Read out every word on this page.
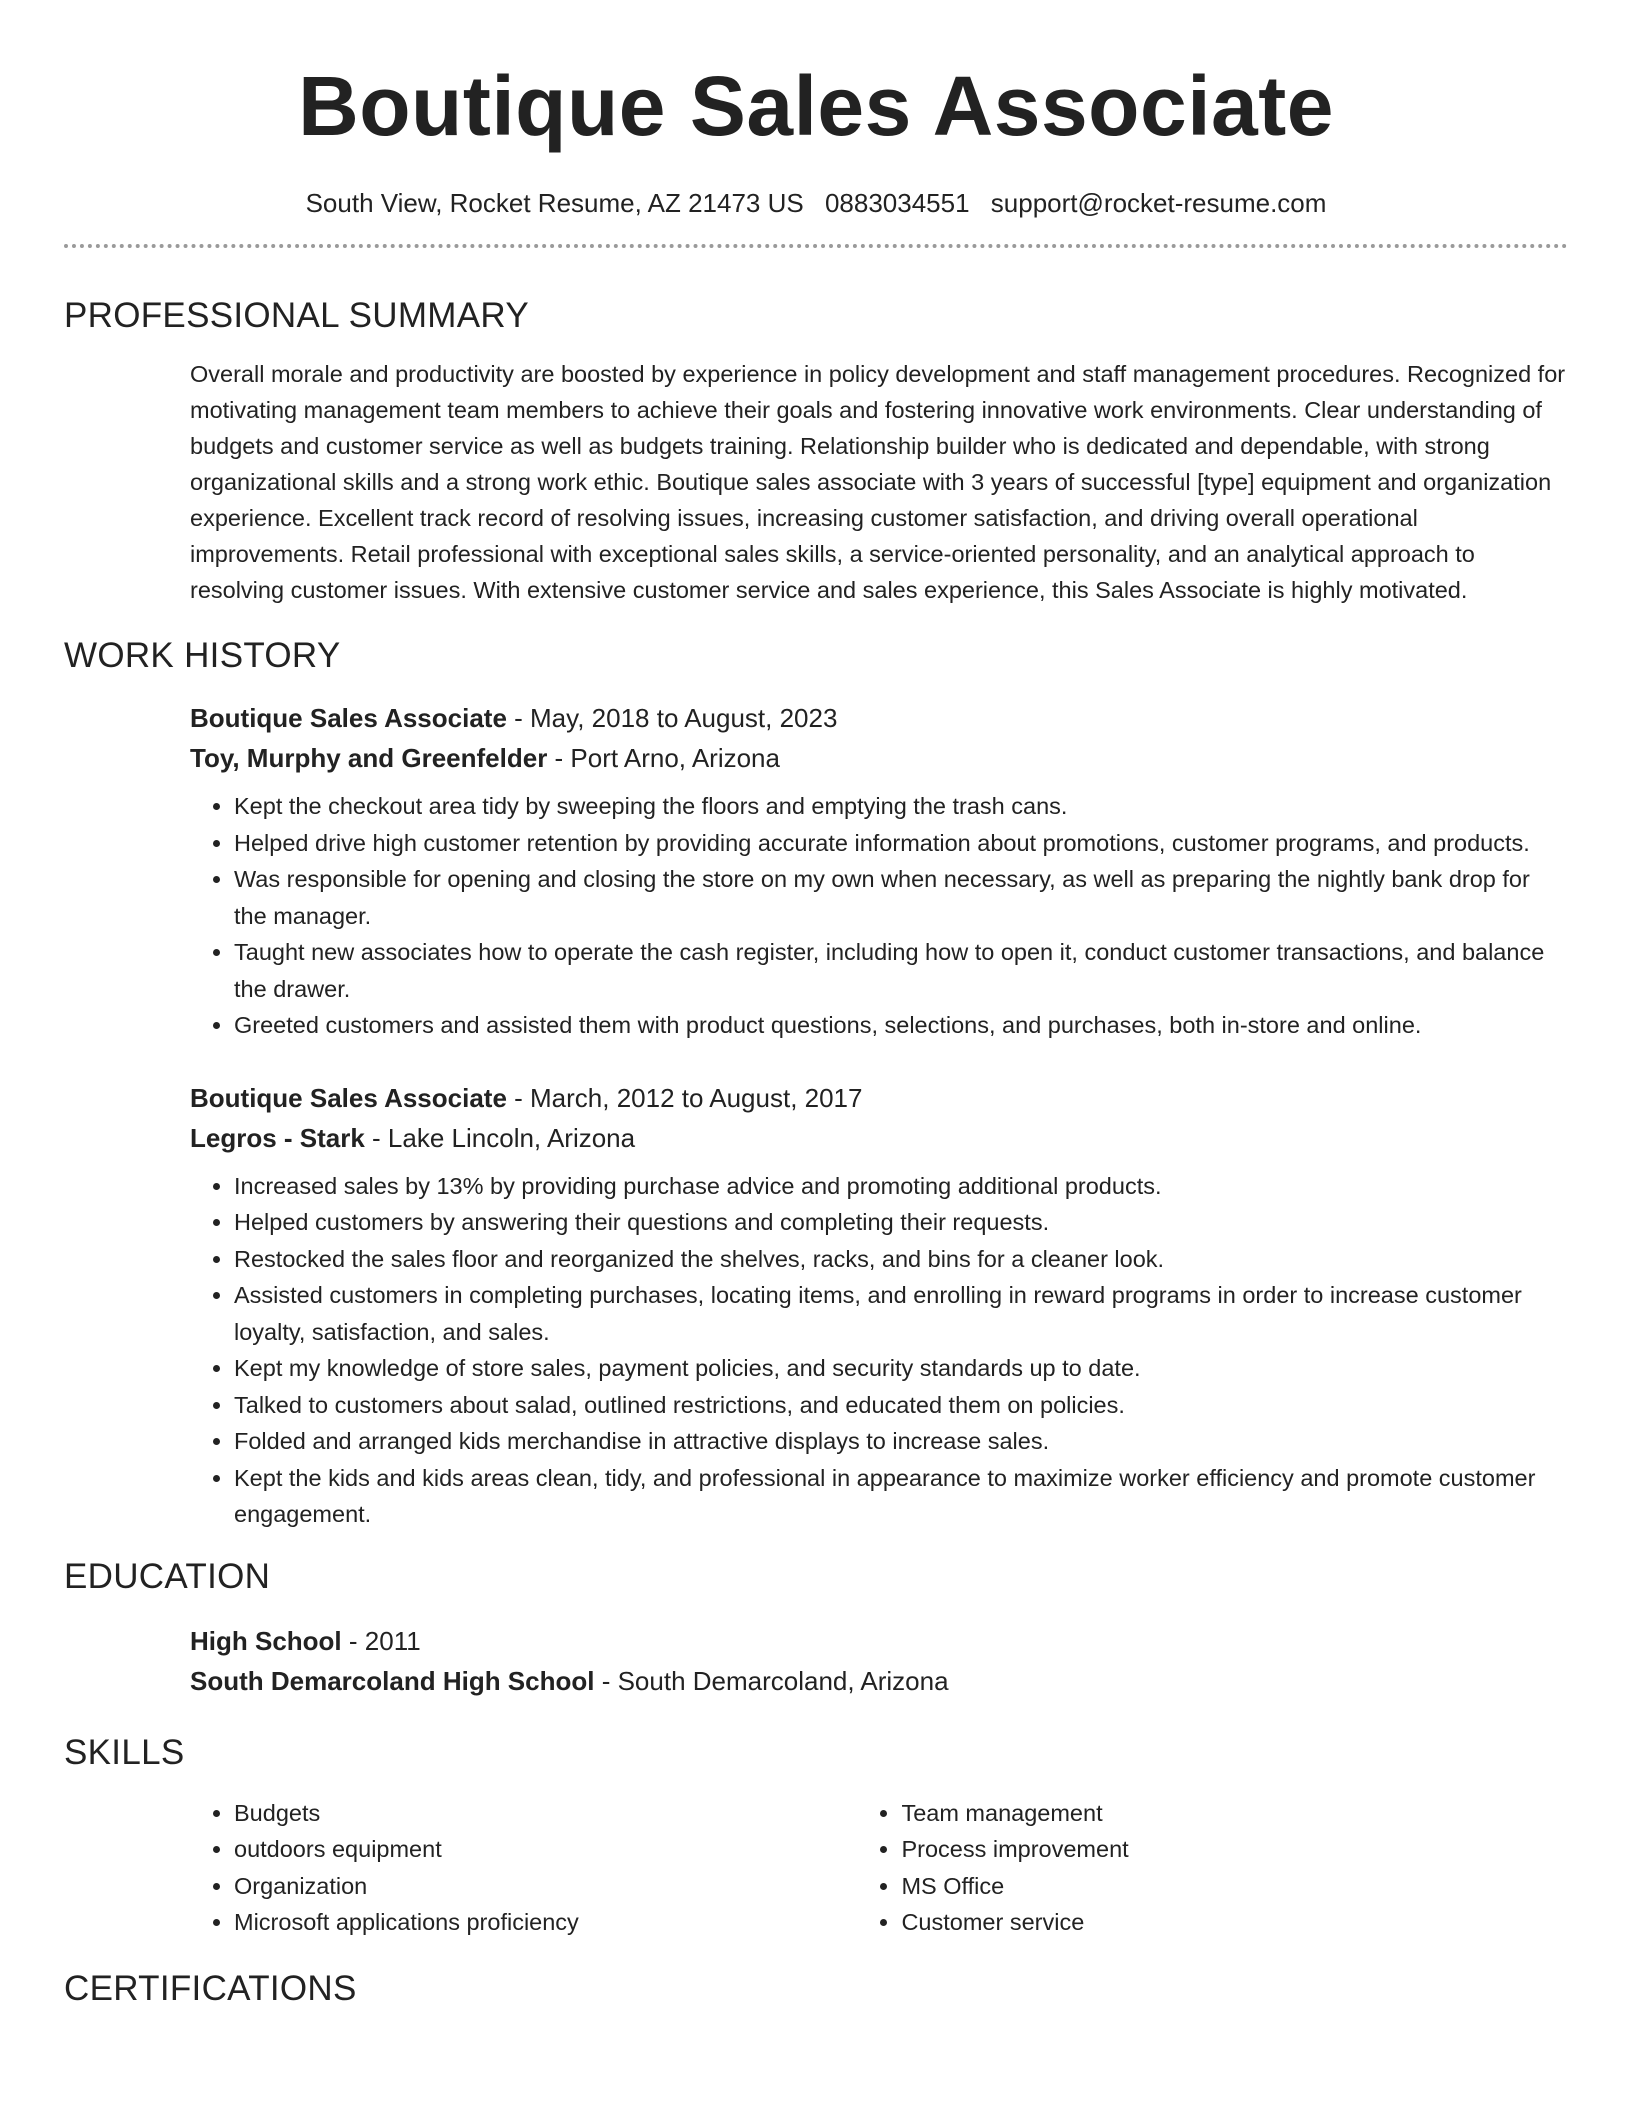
Boutique Sales Associate
South View, Rocket Resume, AZ 21473 US 0883034551 support@rocket-resume.com
PROFESSIONAL SUMMARY

Overall morale and productivity are boosted by experience in policy development and staff management procedures. Recognized for motivating management team members to achieve their goals and fostering innovative work environments. Clear understanding of budgets and customer service as well as budgets training. Relationship builder who is dedicated and dependable, with strong organizational skills and a strong work ethic. Boutique sales associate with 3 years of successful [type] equipment and organization experience. Excellent track record of resolving issues, increasing customer satisfaction, and driving overall operational improvements. Retail professional with exceptional sales skills, a service-oriented personality, and an analytical approach to resolving customer issues. With extensive customer service and sales experience, this Sales Associate is highly motivated.

WORK HISTORY
Boutique Sales Associate - May, 2018 to August, 2023
Toy, Murphy and Greenfelder - Port Arno, Arizona
• Kept the checkout area tidy by sweeping the floors and emptying the trash cans.
• Helped drive high customer retention by providing accurate information about promotions, customer programs, and products.
• Was responsible for opening and closing the store on my own when necessary, as well as preparing the nightly bank drop for the manager.
• Taught new associates how to operate the cash register, including how to open it, conduct customer transactions, and balance the drawer.
• Greeted customers and assisted them with product questions, selections, and purchases, both in-store and online.
Boutique Sales Associate - March, 2012 to August, 2017
Legros - Stark - Lake Lincoln, Arizona
• Increased sales by 13% by providing purchase advice and promoting additional products.
• Helped customers by answering their questions and completing their requests.
• Restocked the sales floor and reorganized the shelves, racks, and bins for a cleaner look.
• Assisted customers in completing purchases, locating items, and enrolling in reward programs in order to increase customer loyalty, satisfaction, and sales.
• Kept my knowledge of store sales, payment policies, and security standards up to date.
• Talked to customers about salad, outlined restrictions, and educated them on policies.
• Folded and arranged kids merchandise in attractive displays to increase sales.
• Kept the kids and kids areas clean, tidy, and professional in appearance to maximize worker efficiency and promote customer engagement.
EDUCATION
High School - 2011
South Demarcoland High School - South Demarcoland, Arizona
SKILLS
• Budgets
• outdoors equipment
• Organization
• Microsoft applications proficiency
• Team management
• Process improvement
• MS Office
• Customer service
CERTIFICATIONS
